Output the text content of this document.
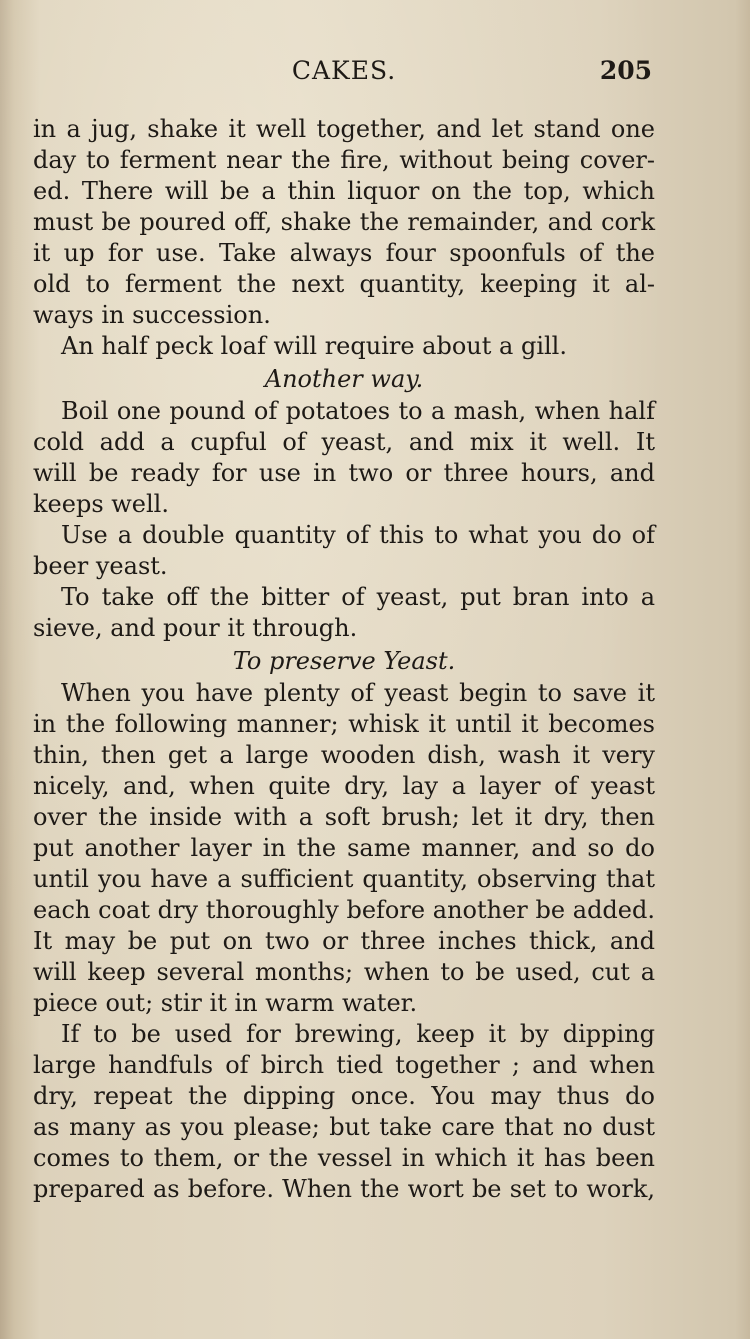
CAKES.	205
in a jug, shake it well together, and let stand one
day to ferment near the fire, without being cover-
ed. There will be a thin liquor on the top, which
must be poured off, shake the remainder, and cork
it up for use. Take always four spoonfuls of the
old to ferment the next quantity, keeping it al-
ways in succession.
An half peck loaf will require about a gill.
Another way.
Boil one pound of potatoes to a mash, when half
cold add a cupful of yeast, and mix it well. It
will be ready for use in two or three hours, and
keeps well.
Use a double quantity of this to what you do of
beer yeast.
To take off the bitter of yeast, put bran into a
sieve, and pour it through.
To preserve Yeast.
When you have plenty of yeast begin to save it
in the following manner; whisk it until it becomes
thin, then get a large wooden dish, wash it very
nicely, and, when quite dry, lay a layer of yeast
over the inside with a soft brush; let it dry, then
put another layer in the same manner, and so do
until you have a sufficient quantity, observing that
each coat dry thoroughly before another be added.
It may be put on two or three inches thick, and
will keep several months; when to be used, cut a
piece out; stir it in warm water.
If to be used for brewing, keep it by dipping
large handfuls of birch tied together ; and when
dry, repeat the dipping once. You may thus do
as many as you please; but take care that no dust
comes to them, or the vessel in which it has been
prepared as before. When the wort be set to work,
